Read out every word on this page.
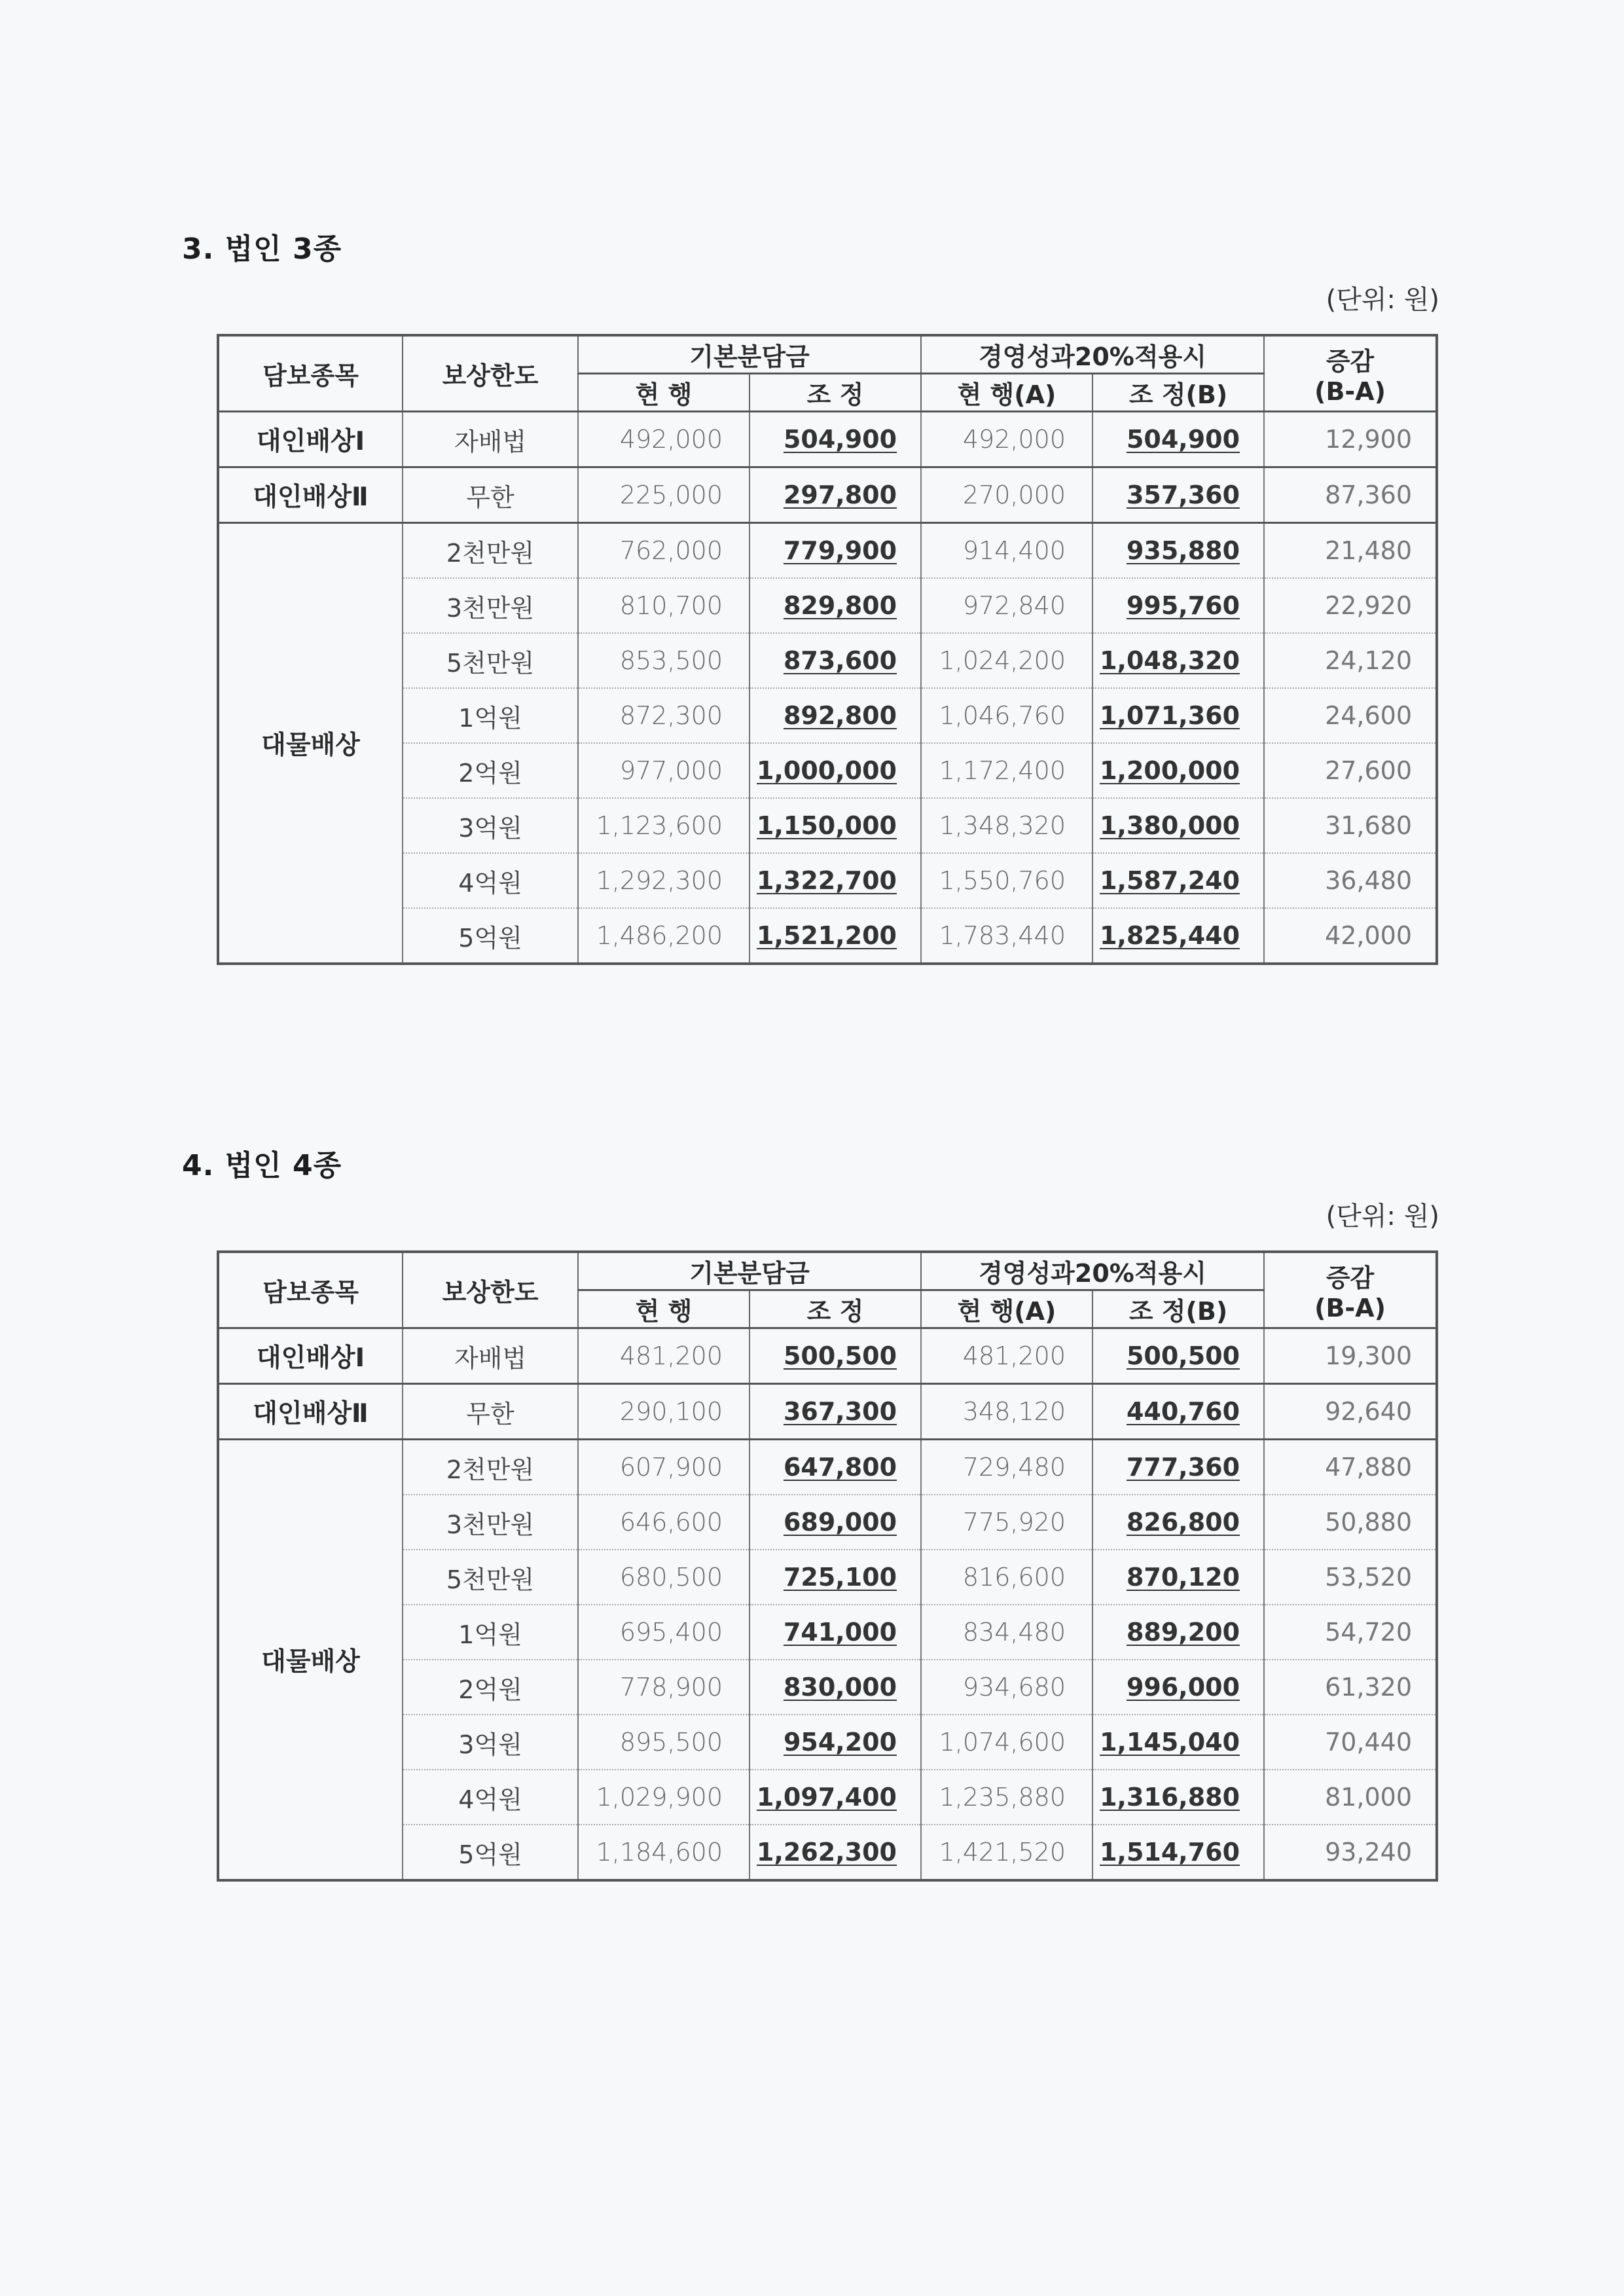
3. 법인 3종
(단위: 원)
담보종목	보상한도	기본분담금		경영성과20%적용시		증감
(B-A)

		현 행	조 정	현 행(A)	조 정(B)	
대인배상Ⅰ	자배법	492,000	504,900	492,000	504,900	12,900
대인배상Ⅱ	무한	225,000	297,800	270,000	357,360	87,360
대물배상	2천만원	762,000	779,900	914,400	935,880	21,480
	3천만원	810,700	829,800	972,840	995,760	22,920
	5천만원	853,500	873,600	1,024,200	1,048,320	24,120
	1억원	872,300	892,800	1,046,760	1,071,360	24,600
	2억원	977,000	1,000,000	1,172,400	1,200,000	27,600
	3억원	1,123,600	1,150,000	1,348,320	1,380,000	31,680
	4억원	1,292,300	1,322,700	1,550,760	1,587,240	36,480
	5억원	1,486,200	1,521,200	1,783,440	1,825,440	42,000
4. 법인 4종
(단위: 원)
담보종목	보상한도	기본분담금		경영성과20%적용시		증감
(B-A)

		현 행	조 정	현 행(A)	조 정(B)	
대인배상Ⅰ	자배법	481,200	500,500	481,200	500,500	19,300
대인배상Ⅱ	무한	290,100	367,300	348,120	440,760	92,640
대물배상	2천만원	607,900	647,800	729,480	777,360	47,880
	3천만원	646,600	689,000	775,920	826,800	50,880
	5천만원	680,500	725,100	816,600	870,120	53,520
	1억원	695,400	741,000	834,480	889,200	54,720
	2억원	778,900	830,000	934,680	996,000	61,320
	3억원	895,500	954,200	1,074,600	1,145,040	70,440
	4억원	1,029,900	1,097,400	1,235,880	1,316,880	81,000
	5억원	1,184,600	1,262,300	1,421,520	1,514,760	93,240
